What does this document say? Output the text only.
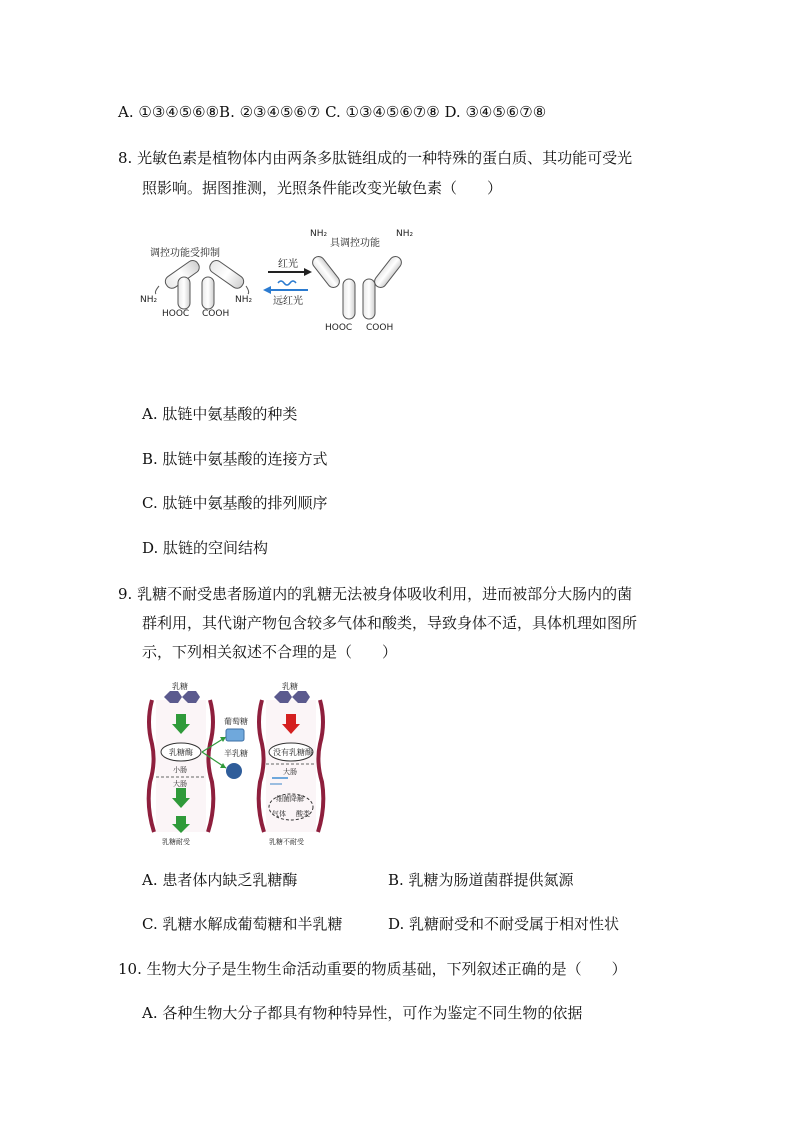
A. ①③④⑤⑥⑧B. ②③④⑤⑥⑦ C. ①③④⑤⑥⑦⑧ D. ③④⑤⑥⑦⑧
8. 光敏色素是植物体内由两条多肽链组成的一种特殊的蛋白质、其功能可受光
照影响。据图推测，光照条件能改变光敏色素（　　）
调控功能受抑制
NH₂	NH₂
HOOC COOH
红光
远红光
NH₂	NH₂
具调控功能
HOOC COOH
A. 肽链中氨基酸的种类
B. 肽链中氨基酸的连接方式
C. 肽链中氨基酸的排列顺序
D. 肽链的空间结构
9. 乳糖不耐受患者肠道内的乳糖无法被身体吸收利用，进而被部分大肠内的菌
群利用，其代谢产物包含较多气体和酸类，导致身体不适，具体机理如图所
示，下列相关叙述不合理的是（　　）
乳糖
乳糖酶
小肠
大肠
乳糖耐受
葡萄糖
半乳糖
乳糖
没有乳糖酶
大肠
细菌降解
气体 酸类
乳糖不耐受
A. 患者体内缺乏乳糖酶	B. 乳糖为肠道菌群提供氮源
C. 乳糖水解成葡萄糖和半乳糖	D. 乳糖耐受和不耐受属于相对性状
10. 生物大分子是生物生命活动重要的物质基础，下列叙述正确的是（　　）
A. 各种生物大分子都具有物种特异性，可作为鉴定不同生物的依据
